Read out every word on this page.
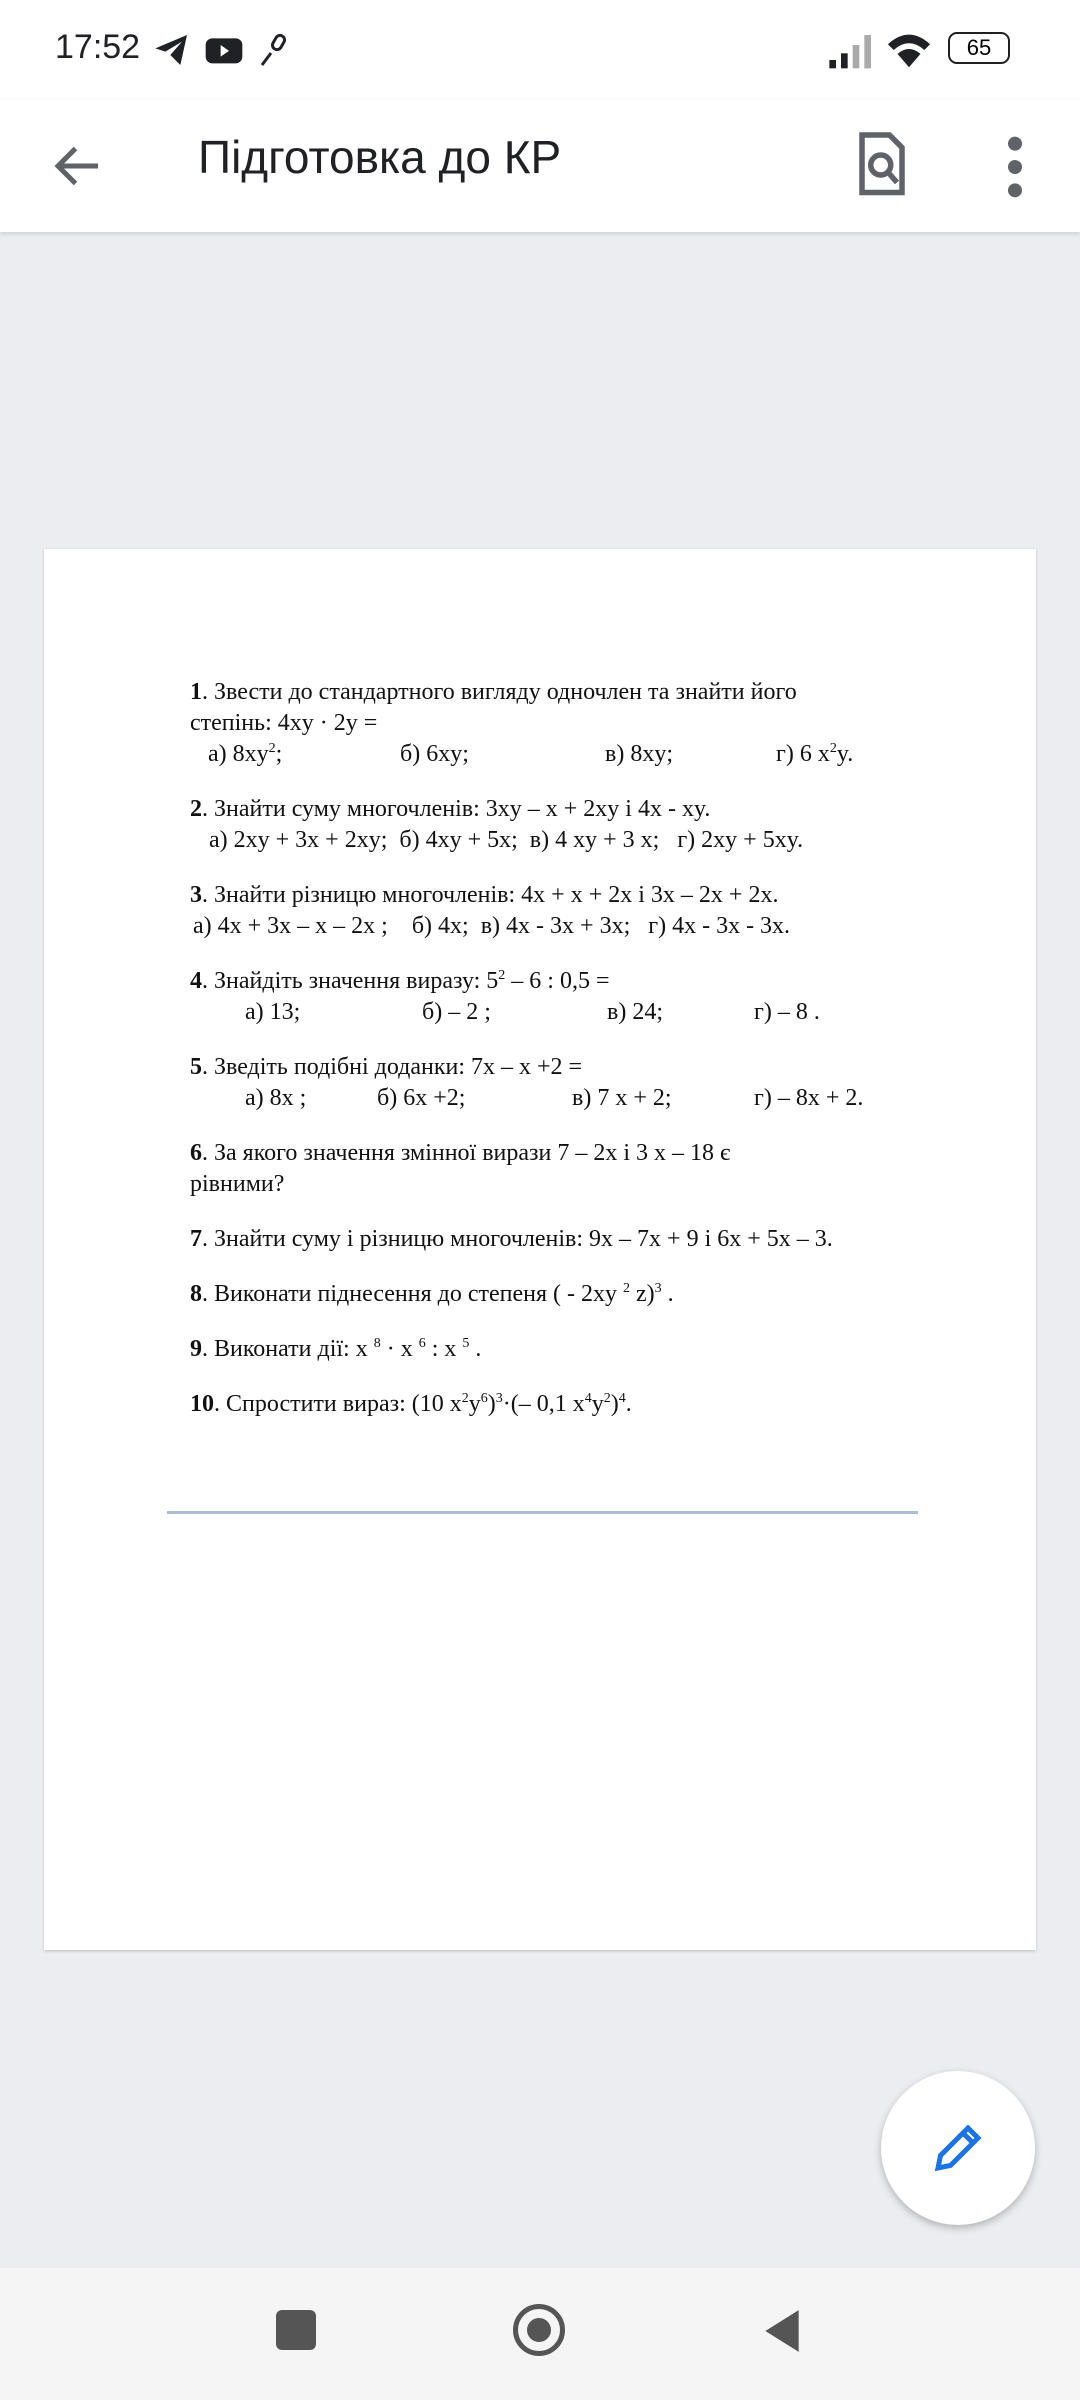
17:52	65
Підготовка до КР
1. Звести до стандартного вигляду одночлен та знайти його
степінь: 4xy · 2y =
а) $8xy^2$;	б) 6xy;	в) 8xy;	г) 6 $x^2y$.
2. Знайти суму многочленів: 3xy – x + 2xy і 4x - xy.
а) 2xy + 3x + 2xy;  б) 4xy + 5x;  в) 4 xy + 3 x;   г) 2xy + 5xy.
3. Знайти різницю многочленів: 4x + x + 2x і 3x – 2x + 2x.
а) 4x + 3x – x – 2x ;    б) 4x;  в) 4x - 3x + 3x;   г) 4x - 3x - 3x.
4. Знайдіть значення виразу: $5^2 - 6$ : 0,5 =
а) 13;	б) – 2 ;	в) 24;	г) – 8 .
5. Зведіть подібні доданки: 7x – x +2 =
а) 8x ;	б) 6x +2;	в) 7 x + 2;	г) – 8x + 2.
6. За якого значення змінної вирази 7 – 2x і 3 x – 18 є
рівними?
7. Знайти суму і різницю многочленів: 9x – 7x + 9 і 6x + 5x – 3.
8. Виконати піднесення до степеня ( - 2xy $^2$ z)$^3$ .
9. Виконати дії: x $^8$ · x $^6$ : x $^5$ .
10. Спростити вираз: (10 $x^2y^6)^3\cdot(-$ 0,1 $x^4y^2)^4$.
